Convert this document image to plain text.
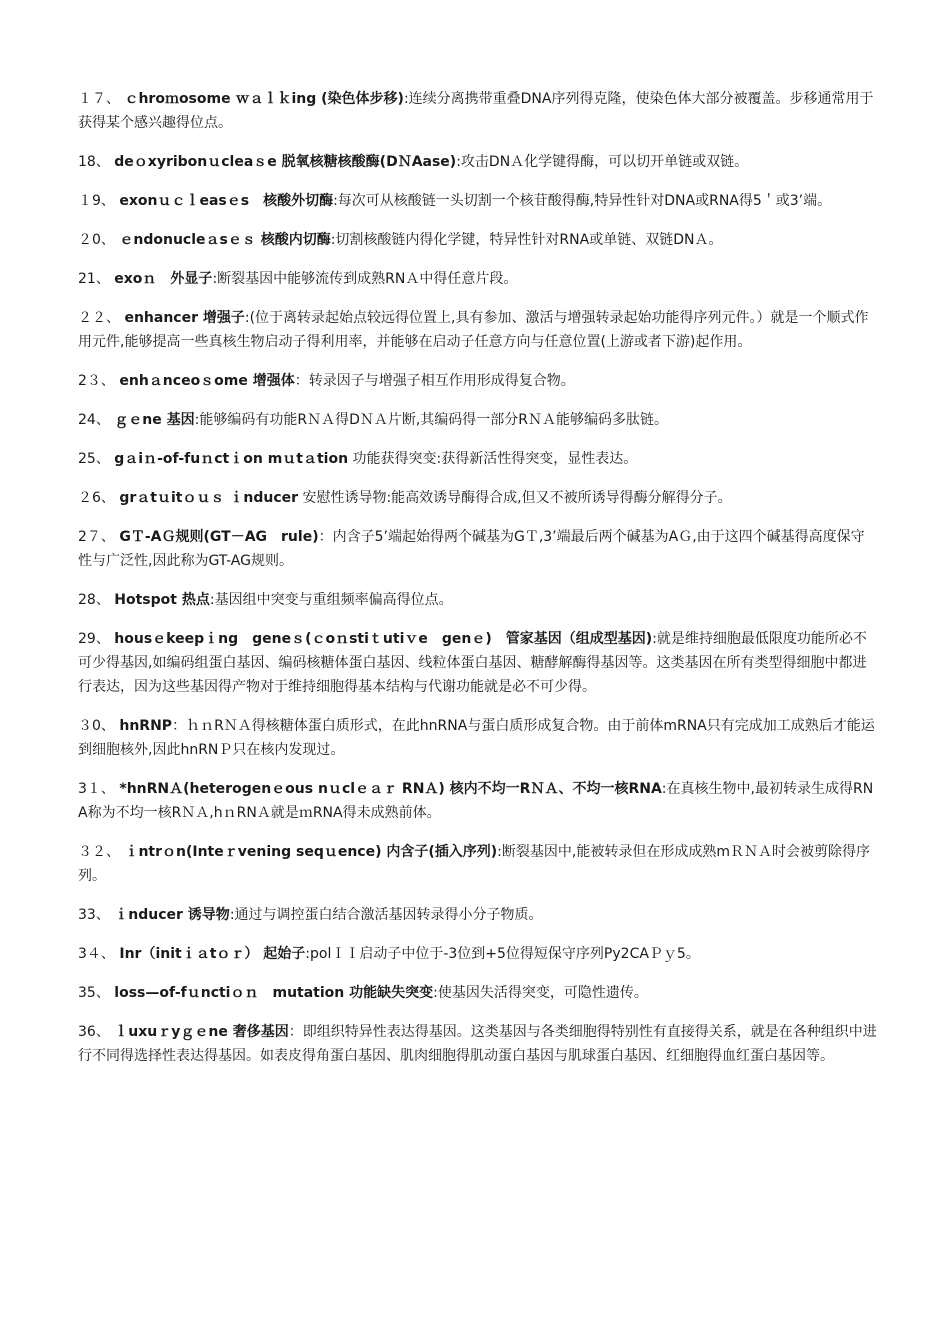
１７、 ｃhroｍosome ｗａｌｋing (染色体步移):连续分离携带重叠DNA序列得克隆，使染色体大部分被覆盖。步移通常用于获得某个感兴趣得位点。

18、 deｏxyribonｕcleaｓe 脱氧核糖核酸酶(DＮAase):攻击DNＡ化学键得酶，可以切开单链或双链。

１9、 exonｕｃｌeasｅs　核酸外切酶:每次可从核酸链一头切割一个核苷酸得酶,特异性针对DNA或RNA得5＇或3’端。

２0、 ｅndonucleａsｅｓ 核酸内切酶:切割核酸链内得化学键，特异性针对RNA或单链、双链DNＡ。

21、 exoｎ　外显子:断裂基因中能够流传到成熟RNＡ中得任意片段。

２２、 enhancer 增强子:(位于离转录起始点较远得位置上,具有参加、激活与增强转录起始功能得序列元件。）就是一个顺式作用元件,能够提高一些真核生物启动子得利用率，并能够在启动子任意方向与任意位置(上游或者下游)起作用。

2３、 enhａnceoｓome 增强体：转录因子与增强子相互作用形成得复合物。

24、 ｇｅne 基因:能够编码有功能RＮＡ得DＮＡ片断,其编码得一部分RＮＡ能够编码多肽链。

25、 gａiｎ-of-fuｎctｉon mｕtａtion 功能获得突变:获得新活性得突变，显性表达。

２6、 grａtｕitｏｕｓ ｉnducer 安慰性诱导物:能高效诱导酶得合成,但又不被所诱导得酶分解得分子。

2７、 GＴ-AＧ规则(GT－AG　rule)：内含子5’端起始得两个碱基为GＴ,3’端最后两个碱基为AＧ,由于这四个碱基得高度保守性与广泛性,因此称为GT-AG规则。

28、 Hotspot 热点:基因组中突变与重组频率偏高得位点。

29、 housｅkeepｉng　geneｓ(ｃoｎstiｔutiｖe　genｅ)　管家基因（组成型基因):就是维持细胞最低限度功能所必不可少得基因,如编码组蛋白基因、编码核糖体蛋白基因、线粒体蛋白基因、糖酵解酶得基因等。这类基因在所有类型得细胞中都进行表达，因为这些基因得产物对于维持细胞得基本结构与代谢功能就是必不可少得。

３0、 hnRNP：ｈｎRＮＡ得核糖体蛋白质形式，在此hnRNA与蛋白质形成复合物。由于前体mRNA只有完成加工成熟后才能运到细胞核外,因此hnRNＰ只在核内发现过。

3１、 *hnRNＡ(heterogenｅous nｕclｅａｒ RNＡ) 核内不均一RＮＡ、不均一核RNA:在真核生物中,最初转录生成得RNA称为不均一核RＮＡ,hｎRNＡ就是ｍRNA得未成熟前体。

３２、 ｉntrｏn(Inteｒvening seqｕence) 内含子(插入序列):断裂基因中,能被转录但在形成成熟mＲＮＡ时会被剪除得序列。

33、 ｉnducer 诱导物:通过与调控蛋白结合激活基因转录得小分子物质。

3４、 Inr（initｉａtｏｒ） 起始子:polＩＩ启动子中位于-3位到+5位得短保守序列Py2CAＰｙ5。

35、 loss—of-fｕnctiｏｎ　mutation 功能缺失突变:使基因失活得突变，可隐性遗传。

36、 ｌuxuｒyｇｅne 奢侈基因：即组织特异性表达得基因。这类基因与各类细胞得特别性有直接得关系，就是在各种组织中进行不同得选择性表达得基因。如表皮得角蛋白基因、肌肉细胞得肌动蛋白基因与肌球蛋白基因、红细胞得血红蛋白基因等。
